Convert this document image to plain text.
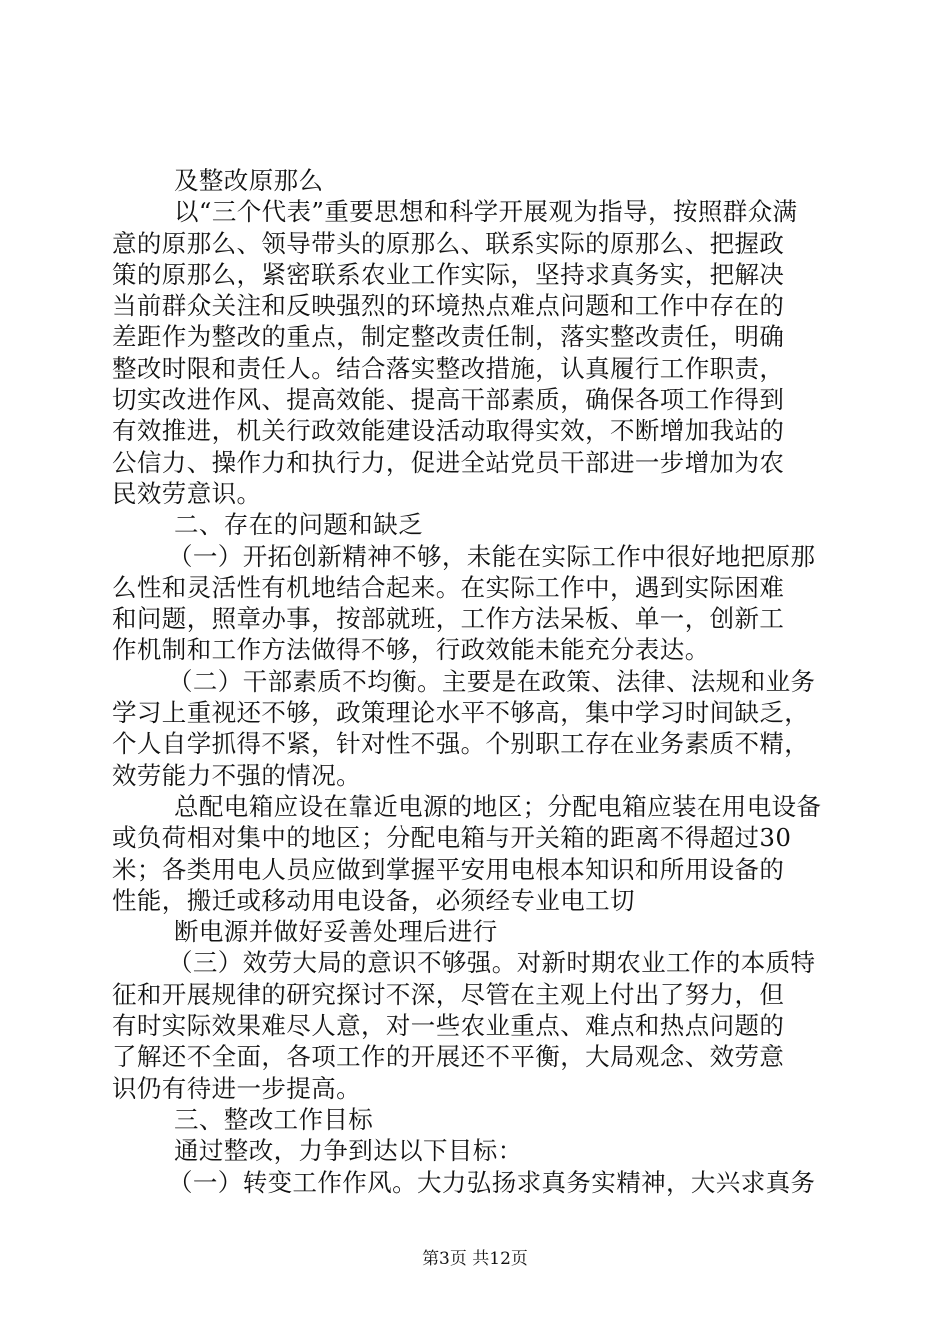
及整改原那么
以“三个代表”重要思想和科学开展观为指导，按照群众满
意的原那么、领导带头的原那么、联系实际的原那么、把握政
策的原那么，紧密联系农业工作实际，坚持求真务实，把解决
当前群众关注和反映强烈的环境热点难点问题和工作中存在的
差距作为整改的重点，制定整改责任制，落实整改责任，明确
整改时限和责任人。结合落实整改措施，认真履行工作职责，
切实改进作风、提高效能、提高干部素质，确保各项工作得到
有效推进，机关行政效能建设活动取得实效，不断增加我站的
公信力、操作力和执行力，促进全站党员干部进一步增加为农
民效劳意识。
二、存在的问题和缺乏
（一）开拓创新精神不够，未能在实际工作中很好地把原那
么性和灵活性有机地结合起来。在实际工作中，遇到实际困难
和问题，照章办事，按部就班，工作方法呆板、单一，创新工
作机制和工作方法做得不够，行政效能未能充分表达。
（二）干部素质不均衡。主要是在政策、法律、法规和业务
学习上重视还不够，政策理论水平不够高，集中学习时间缺乏，
个人自学抓得不紧，针对性不强。个别职工存在业务素质不精，
效劳能力不强的情况。
总配电箱应设在靠近电源的地区；分配电箱应装在用电设备
或负荷相对集中的地区；分配电箱与开关箱的距离不得超过30
米；各类用电人员应做到掌握平安用电根本知识和所用设备的
性能，搬迁或移动用电设备，必须经专业电工切
断电源并做好妥善处理后进行
（三）效劳大局的意识不够强。对新时期农业工作的本质特
征和开展规律的研究探讨不深，尽管在主观上付出了努力，但
有时实际效果难尽人意，对一些农业重点、难点和热点问题的
了解还不全面，各项工作的开展还不平衡，大局观念、效劳意
识仍有待进一步提高。
三、整改工作目标
通过整改，力争到达以下目标：
（一）转变工作作风。大力弘扬求真务实精神，大兴求真务
第3页 共12页
